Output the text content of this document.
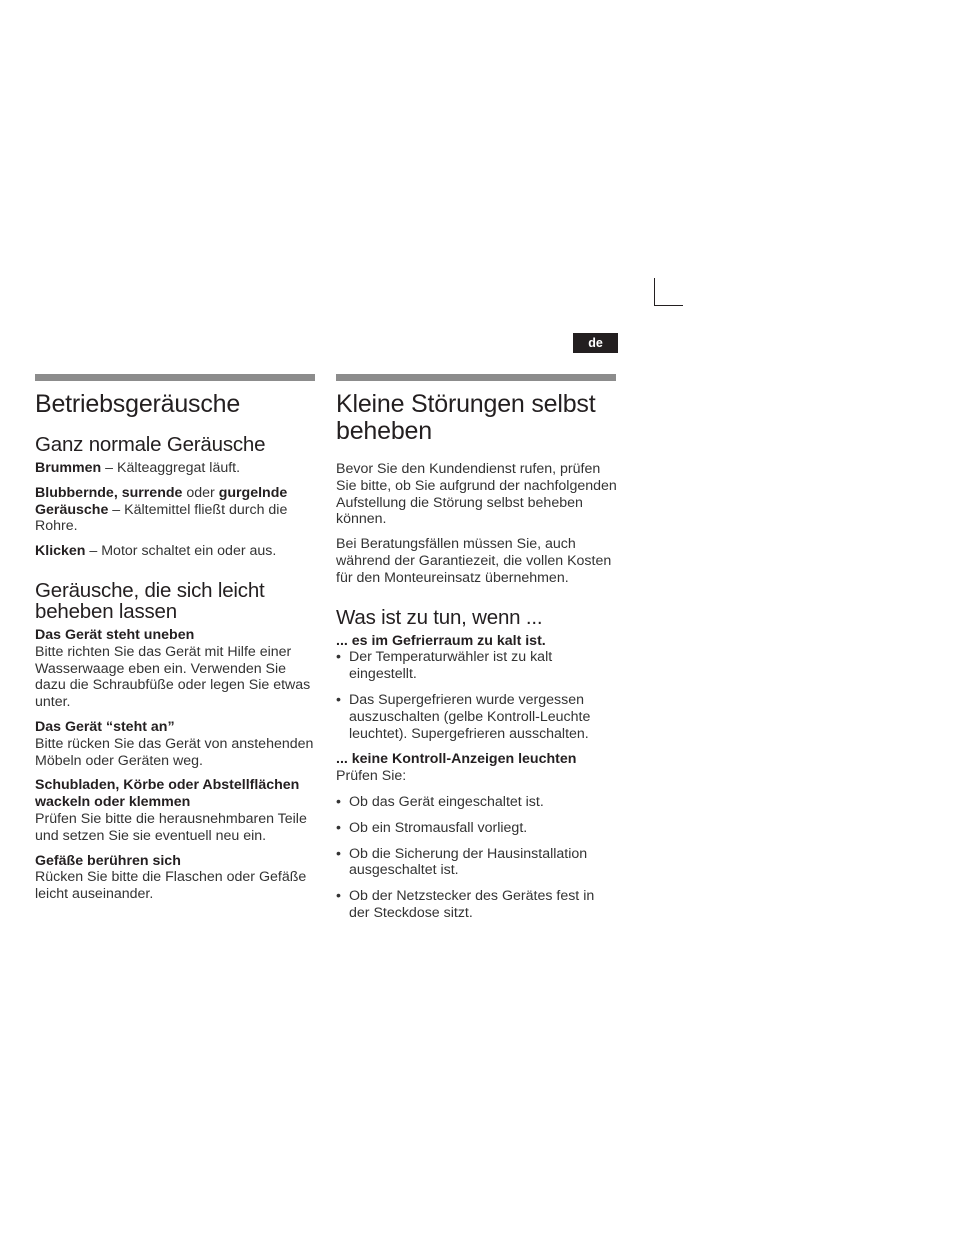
de
Betriebsgeräusche
Ganz normale Geräusche

Brummen – Kälteaggregat läuft.

Blubbernde, surrende oder gurgelnde Geräusche – Kältemittel fließt durch die Rohre.

Klicken – Motor schaltet ein oder aus.

Geräusche, die sich leicht beheben lassen

Das Gerät steht uneben

Bitte richten Sie das Gerät mit Hilfe einer Wasserwaage eben ein. Verwenden Sie dazu die Schraubfüße oder legen Sie etwas unter.

Das Gerät “steht an”

Bitte rücken Sie das Gerät von anstehenden Möbeln oder Geräten weg.

Schubladen, Körbe oder Abstellflächen wackeln oder klemmen

Prüfen Sie bitte die herausnehmbaren Teile und setzen Sie sie eventuell neu ein.

Gefäße berühren sich

Rücken Sie bitte die Flaschen oder Gefäße leicht auseinander.

Kleine Störungen selbst beheben

Bevor Sie den Kundendienst rufen, prüfen Sie bitte, ob Sie aufgrund der nachfolgenden Aufstellung die Störung selbst beheben können.

Bei Beratungsfällen müssen Sie, auch während der Garantiezeit, die vollen Kosten für den Monteureinsatz übernehmen.

Was ist zu tun, wenn ...

... es im Gefrierraum zu kalt ist.

• Der Temperaturwähler ist zu kalt eingestellt.
• Das Supergefrieren wurde vergessen auszuschalten (gelbe Kontroll-Leuchte leuchtet). Supergefrieren ausschalten.

... keine Kontroll-Anzeigen leuchten

Prüfen Sie:

• Ob das Gerät eingeschaltet ist.
• Ob ein Stromausfall vorliegt.
• Ob die Sicherung der Hausinstallation ausgeschaltet ist.
• Ob der Netzstecker des Gerätes fest in der Steckdose sitzt.
